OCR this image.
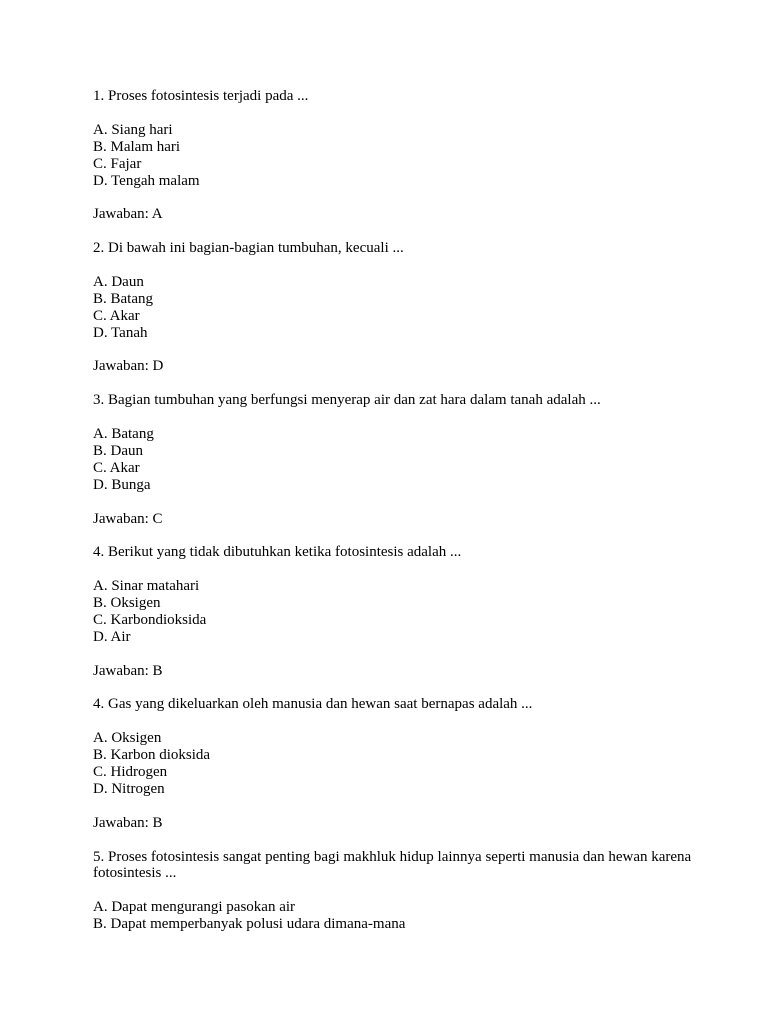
1. Proses fotosintesis terjadi pada ...

A. Siang hari
B. Malam hari
C. Fajar
D. Tengah malam

Jawaban: A

2. Di bawah ini bagian-bagian tumbuhan, kecuali ...

A. Daun
B. Batang
C. Akar
D. Tanah

Jawaban: D

3. Bagian tumbuhan yang berfungsi menyerap air dan zat hara dalam tanah adalah ...

A. Batang
B. Daun
C. Akar
D. Bunga

Jawaban: C

4. Berikut yang tidak dibutuhkan ketika fotosintesis adalah ...

A. Sinar matahari
B. Oksigen
C. Karbondioksida
D. Air

Jawaban: B

4. Gas yang dikeluarkan oleh manusia dan hewan saat bernapas adalah ...

A. Oksigen
B. Karbon dioksida
C. Hidrogen
D. Nitrogen

Jawaban: B

5. Proses fotosintesis sangat penting bagi makhluk hidup lainnya seperti manusia dan hewan karena fotosintesis ...

A. Dapat mengurangi pasokan air
B. Dapat memperbanyak polusi udara dimana-mana
